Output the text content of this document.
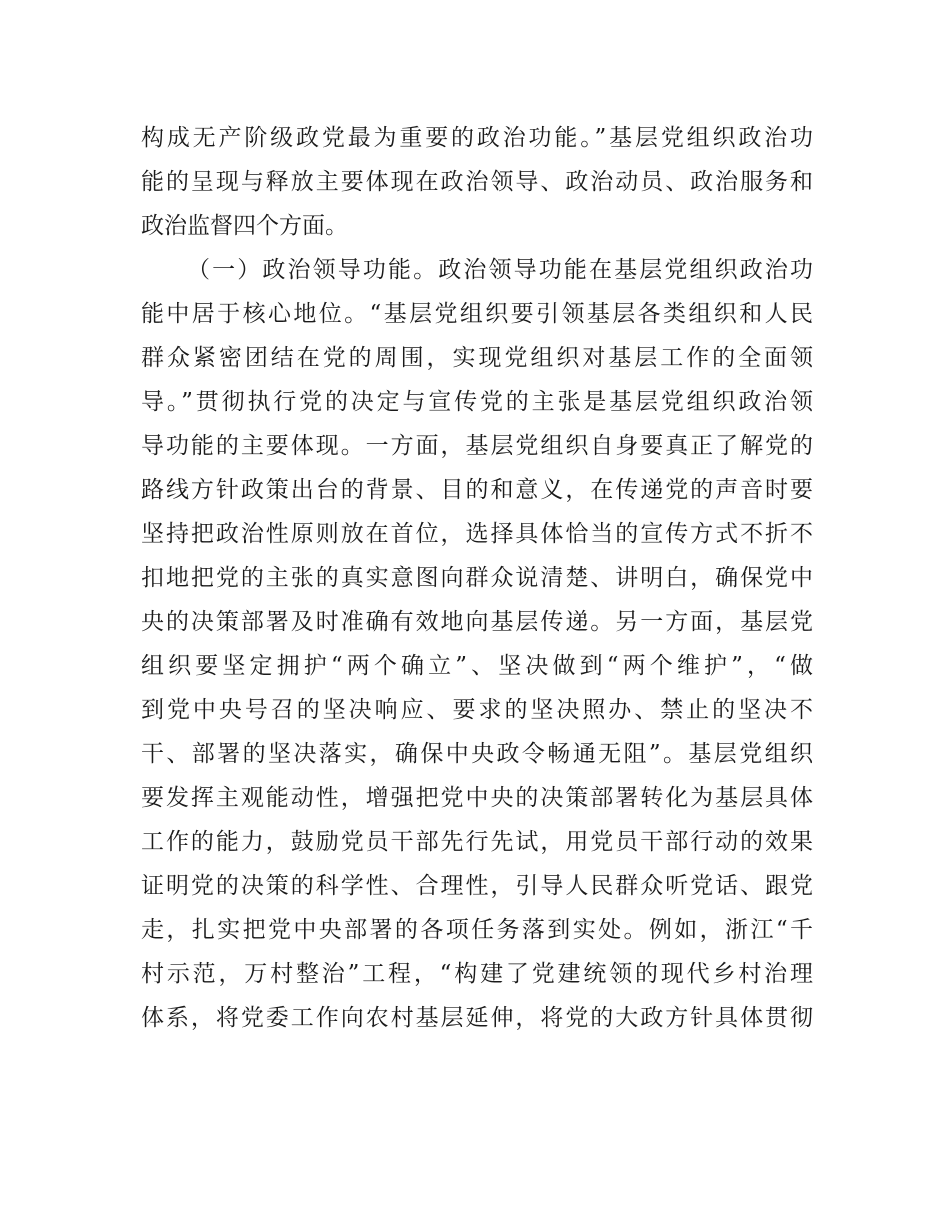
构成无产阶级政党最为重要的政治功能。”基层党组织政治功
能的呈现与释放主要体现在政治领导、政治动员、政治服务和
政治监督四个方面。
（一）政治领导功能。政治领导功能在基层党组织政治功
能中居于核心地位。“基层党组织要引领基层各类组织和人民
群众紧密团结在党的周围，实现党组织对基层工作的全面领
导。”贯彻执行党的决定与宣传党的主张是基层党组织政治领
导功能的主要体现。一方面，基层党组织自身要真正了解党的
路线方针政策出台的背景、目的和意义，在传递党的声音时要
坚持把政治性原则放在首位，选择具体恰当的宣传方式不折不
扣地把党的主张的真实意图向群众说清楚、讲明白，确保党中
央的决策部署及时准确有效地向基层传递。另一方面，基层党
组织要坚定拥护“两个确立”、坚决做到“两个维护”，“做
到党中央号召的坚决响应、要求的坚决照办、禁止的坚决不
干、部署的坚决落实，确保中央政令畅通无阻”。基层党组织
要发挥主观能动性，增强把党中央的决策部署转化为基层具体
工作的能力，鼓励党员干部先行先试，用党员干部行动的效果
证明党的决策的科学性、合理性，引导人民群众听党话、跟党
走，扎实把党中央部署的各项任务落到实处。例如，浙江“千
村示范，万村整治”工程，“构建了党建统领的现代乡村治理
体系，将党委工作向农村基层延伸，将党的大政方针具体贯彻
